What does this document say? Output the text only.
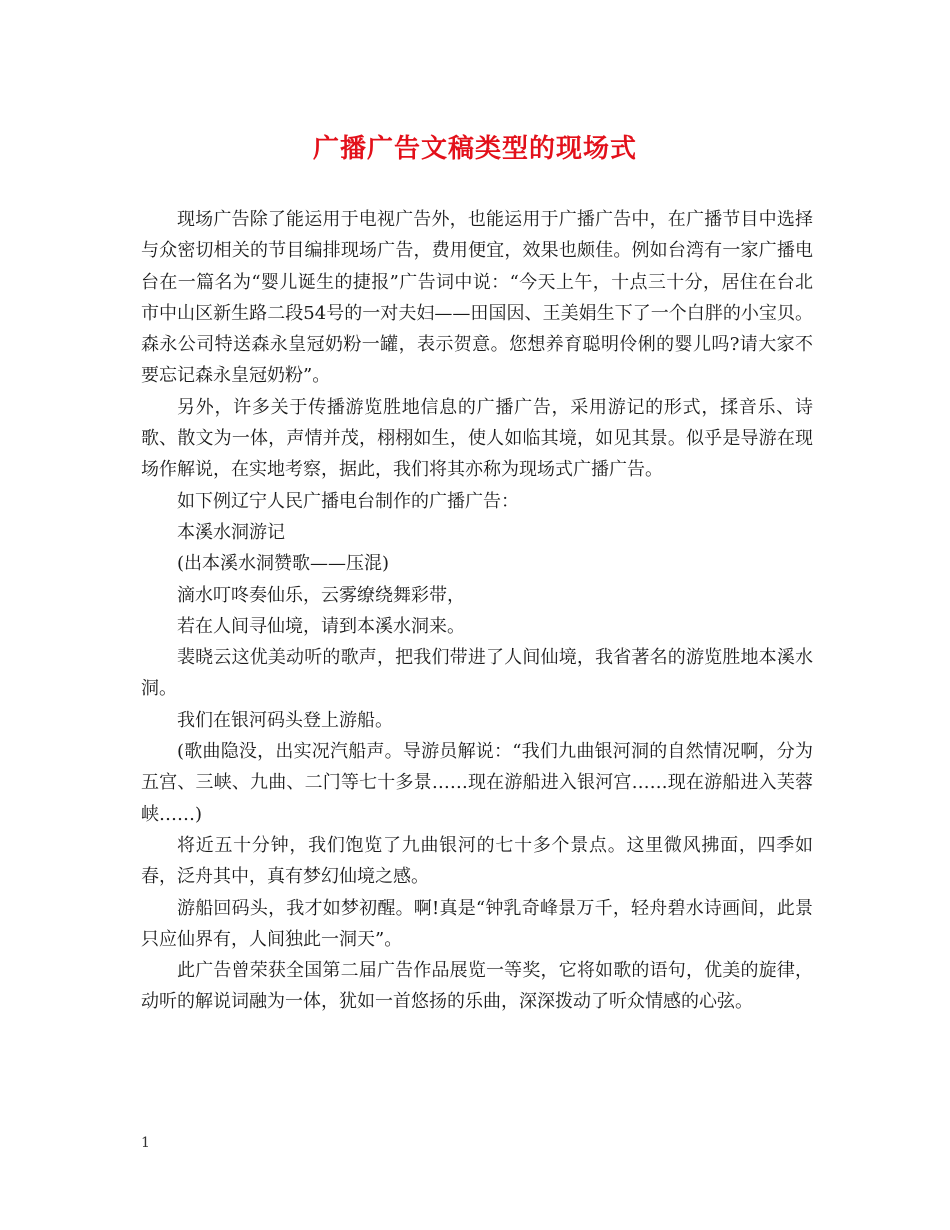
广播广告文稿类型的现场式

现场广告除了能运用于电视广告外，也能运用于广播广告中，在广播节目中选择与众密切相关的节目编排现场广告，费用便宜，效果也颇佳。例如台湾有一家广播电台在一篇名为“婴儿诞生的捷报”广告词中说：“今天上午，十点三十分，居住在台北市中山区新生路二段54号的一对夫妇——田国因、王美娟生下了一个白胖的小宝贝。森永公司特送森永皇冠奶粉一罐，表示贺意。您想养育聪明伶俐的婴儿吗?请大家不要忘记森永皇冠奶粉”。

另外，许多关于传播游览胜地信息的广播广告，采用游记的形式，揉音乐、诗歌、散文为一体，声情并茂，栩栩如生，使人如临其境，如见其景。似乎是导游在现场作解说，在实地考察，据此，我们将其亦称为现场式广播广告。

如下例辽宁人民广播电台制作的广播广告：

本溪水洞游记

(出本溪水洞赞歌——压混)

滴水叮咚奏仙乐，云雾缭绕舞彩带，

若在人间寻仙境，请到本溪水洞来。

裴晓云这优美动听的歌声，把我们带进了人间仙境，我省著名的游览胜地本溪水洞。

我们在银河码头登上游船。

(歌曲隐没，出实况汽船声。导游员解说：“我们九曲银河洞的自然情况啊，分为五宫、三峡、九曲、二门等七十多景……现在游船进入银河宫……现在游船进入芙蓉峡……)

将近五十分钟，我们饱览了九曲银河的七十多个景点。这里微风拂面，四季如春，泛舟其中，真有梦幻仙境之感。

游船回码头，我才如梦初醒。啊!真是“钟乳奇峰景万千，轻舟碧水诗画间，此景只应仙界有，人间独此一洞天”。

此广告曾荣获全国第二届广告作品展览一等奖，它将如歌的语句，优美的旋律，动听的解说词融为一体，犹如一首悠扬的乐曲，深深拨动了听众情感的心弦。

1
